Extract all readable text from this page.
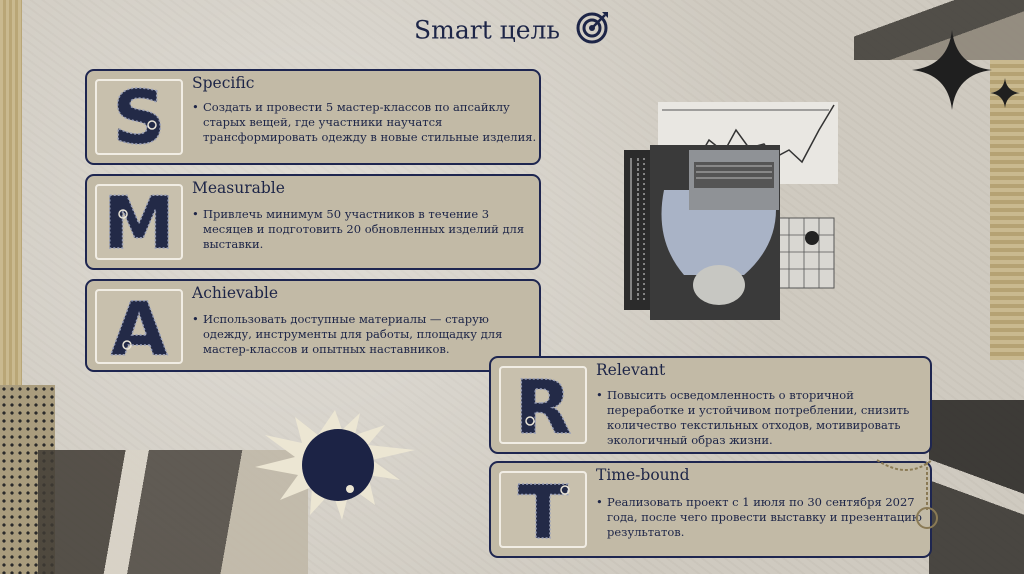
Smart цель
S Specific
• Создать и провести 5 мастер-классов по апсайклу старых вещей, где участники научатся трансформировать одежду в новые стильные изделия.
M Measurable
• Привлечь минимум 50 участников в течение 3 месяцев и подготовить 20 обновленных изделий для выставки.
A Achievable
• Использовать доступные материалы — старую одежду, инструменты для работы, площадку для мастер-классов и опытных наставников.
R Relevant
• Повысить осведомленность о вторичной переработке и устойчивом потреблении, снизить количество текстильных отходов, мотивировать экологичный образ жизни.
T Time-bound
• Реализовать проект с 1 июля по 30 сентября 2027 года, после чего провести выставку и презентацию результатов.
